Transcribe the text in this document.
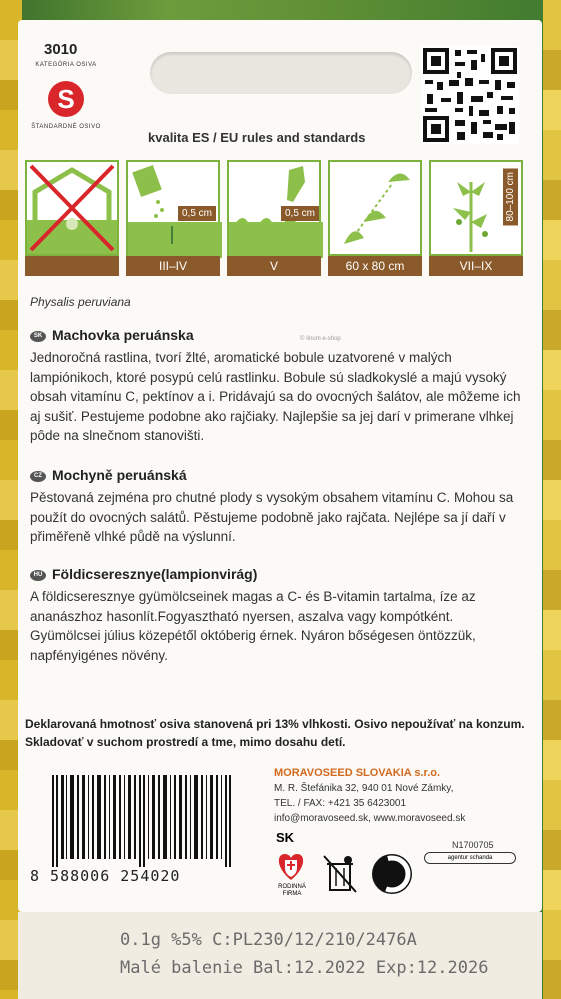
3010
KATEGÓRIA OSIVA
S
ŠTANDARDNÉ OSIVO
kvalita ES / EU rules and standards
0,5 cm
III–IV
0,5 cm
V	60 x 80 cm
80–100 cm
VII–IX
Physalis peruviana
© Iinum e-shop
SK Machovka peruánska
Jednoročná rastlina, tvorí žlté, aromatické bobule uzatvorené v malých lampiónikoch, ktoré posypú celú rastlinku. Bobule sú sladkokyslé a majú vysoký obsah vitamínu C, pektínov a i. Pridávajú sa do ovocných šalátov, ale môžeme ich aj sušiť. Pestujeme podobne ako rajčiaky. Najlepšie sa jej darí v primerane vlhkej pôde na slnečnom stanovišti.
CZ Mochyně peruánská
Pěstovaná zejména pro chutné plody s vysokým obsahem vitamínu C. Mohou sa použít do ovocných salátů. Pěstujeme podobně jako rajčata. Nejlépe sa jí daří v přiměřeně vlhké půdě na výslunní.
HU Földicseresznye(lampionvirág)
A földicseresznye gyümölcseinek magas a C- és B-vitamin tartalma, íze az ananászhoz hasonlít.Fogyasztható nyersen, aszalva vagy kompótként. Gyümölcsei július közepétől októberig érnek. Nyáron bőségesen öntözzük, napfényigénes növény.
Deklarovaná hmotnosť osiva stanovená pri 13% vlhkosti. Osivo nepoužívať na konzum. Skladovať v suchom prostredí a tme, mimo dosahu detí.
8 588006 254020
MORAVOSEED SLOVAKIA s.r.o.
M. R. Štefánika 32, 940 01 Nové Zámky,
TEL. / FAX: +421 35 6423001
info@moravoseed.sk, www.moravoseed.sk
SK
RODINNÁ FIRMA
N1700705
agentur schanda
0.1g %5% C:PL230/12/210/2476A
Malé balenie Bal:12.2022 Exp:12.2026
